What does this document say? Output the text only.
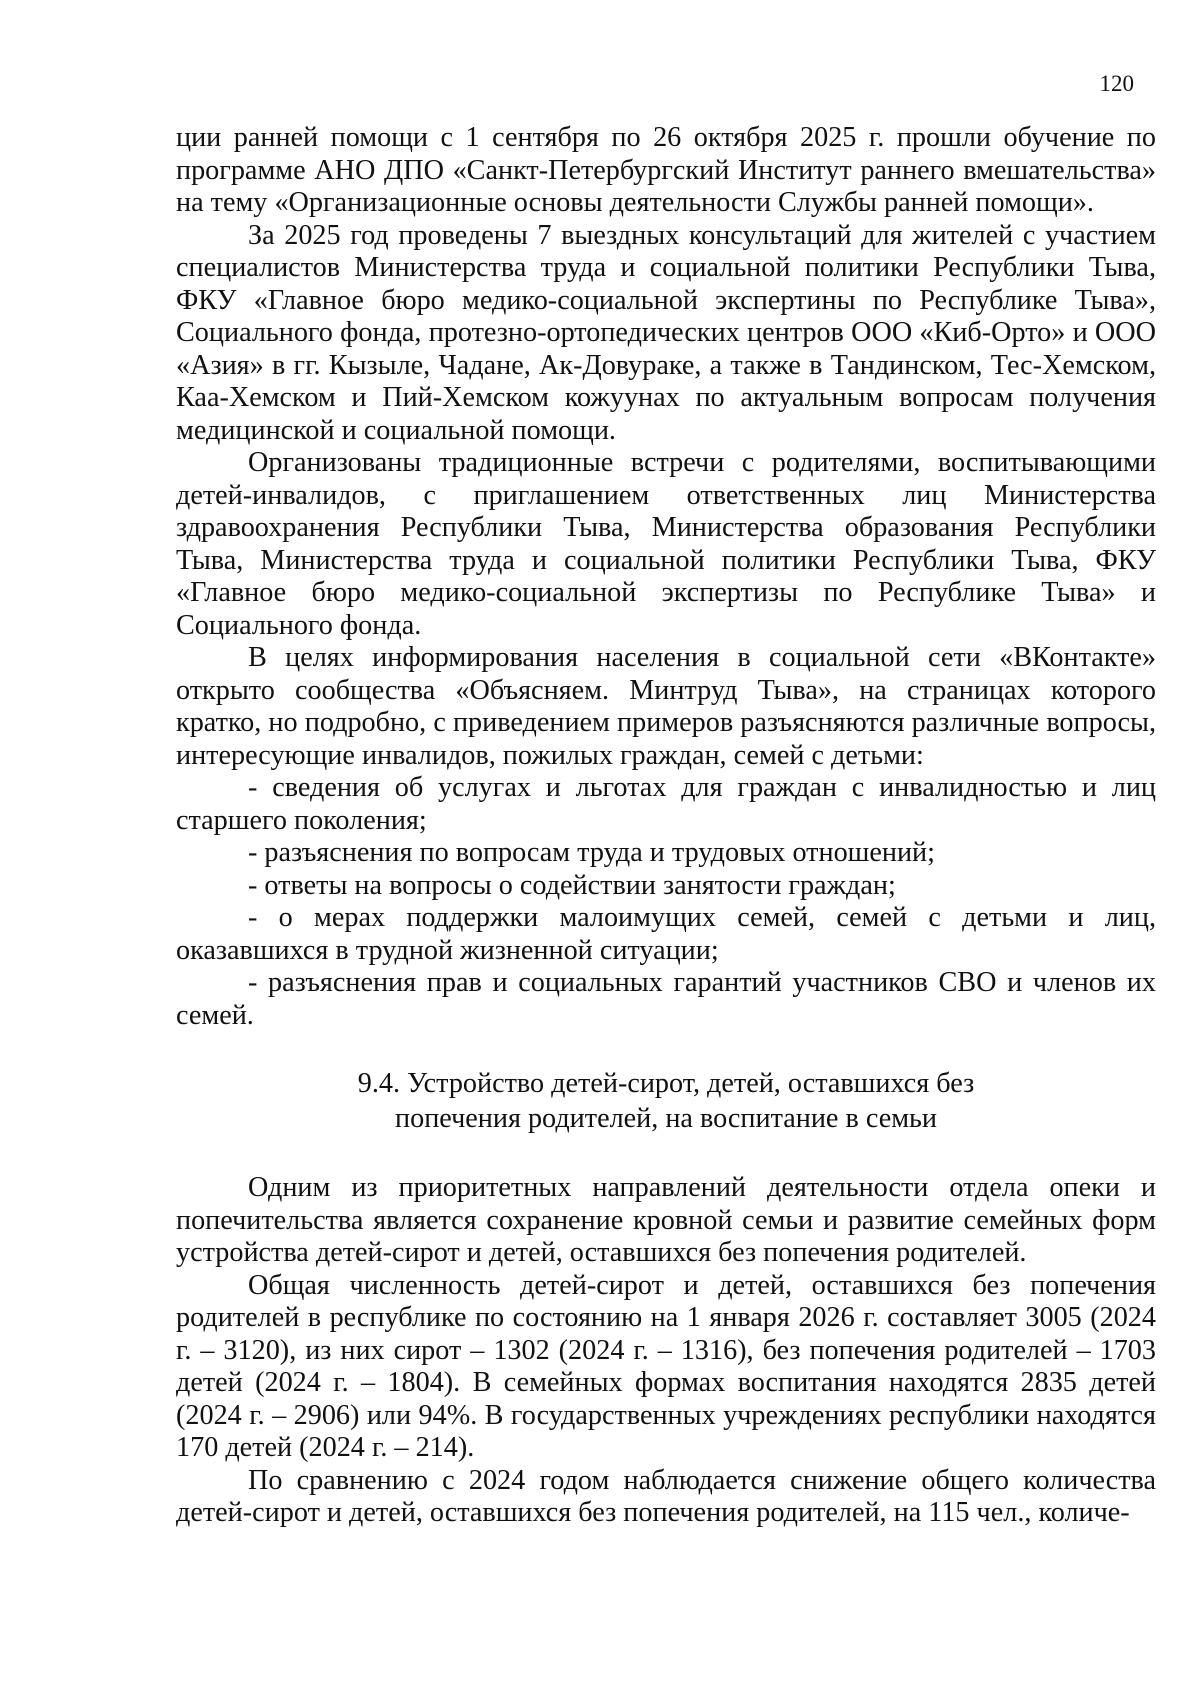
120

ции ранней помощи с 1 сентября по 26 октября 2025 г. прошли обучение по программе АНО ДПО «Санкт-Петербургский Институт раннего вмешательства» на тему «Организационные основы деятельности Службы ранней помощи».

За 2025 год проведены 7 выездных консультаций для жителей с участием специалистов Министерства труда и социальной политики Республики Тыва, ФКУ «Главное бюро медико-социальной экспертины по Республике Тыва», Социального фонда, протезно-ортопедических центров ООО «Киб-Орто» и ООО «Азия» в гг. Кызыле, Чадане, Ак-Довураке, а также в Тандинском, Тес-Хемском, Каа-Хемском и Пий-Хемском кожуунах по актуальным вопросам получения медицинской и социальной помощи.

Организованы традиционные встречи с родителями, воспитывающими детей-инвалидов, с приглашением ответственных лиц Министерства здравоохранения Республики Тыва, Министерства образования Республики Тыва, Министерства труда и социальной политики Республики Тыва, ФКУ «Главное бюро медико-социальной экспертизы по Республике Тыва» и Социального фонда.

В целях информирования населения в социальной сети «ВКонтакте» открыто сообщества «Объясняем. Минтруд Тыва», на страницах которого кратко, но подробно, с приведением примеров разъясняются различные вопросы, интересующие инвалидов, пожилых граждан, семей с детьми:

- сведения об услугах и льготах для граждан с инвалидностью и лиц старшего поколения;

- разъяснения по вопросам труда и трудовых отношений;

- ответы на вопросы о содействии занятости граждан;

- о мерах поддержки малоимущих семей, семей с детьми и лиц, оказавшихся в трудной жизненной ситуации;

- разъяснения прав и социальных гарантий участников СВО и членов их семей.

9.4. Устройство детей-сирот, детей, оставшихся без
попечения родителей, на воспитание в семьи

Одним из приоритетных направлений деятельности отдела опеки и попечительства является сохранение кровной семьи и развитие семейных форм устройства детей-сирот и детей, оставшихся без попечения родителей.

Общая численность детей-сирот и детей, оставшихся без попечения родителей в республике по состоянию на 1 января 2026 г. составляет 3005 (2024 г. – 3120), из них сирот – 1302 (2024 г. – 1316), без попечения родителей – 1703 детей (2024 г. – 1804). В семейных формах воспитания находятся 2835 детей (2024 г. – 2906) или 94%. В государственных учреждениях республики находятся 170 детей (2024 г. – 214).

По сравнению с 2024 годом наблюдается снижение общего количества детей-сирот и детей, оставшихся без попечения родителей, на 115 чел., количе-
